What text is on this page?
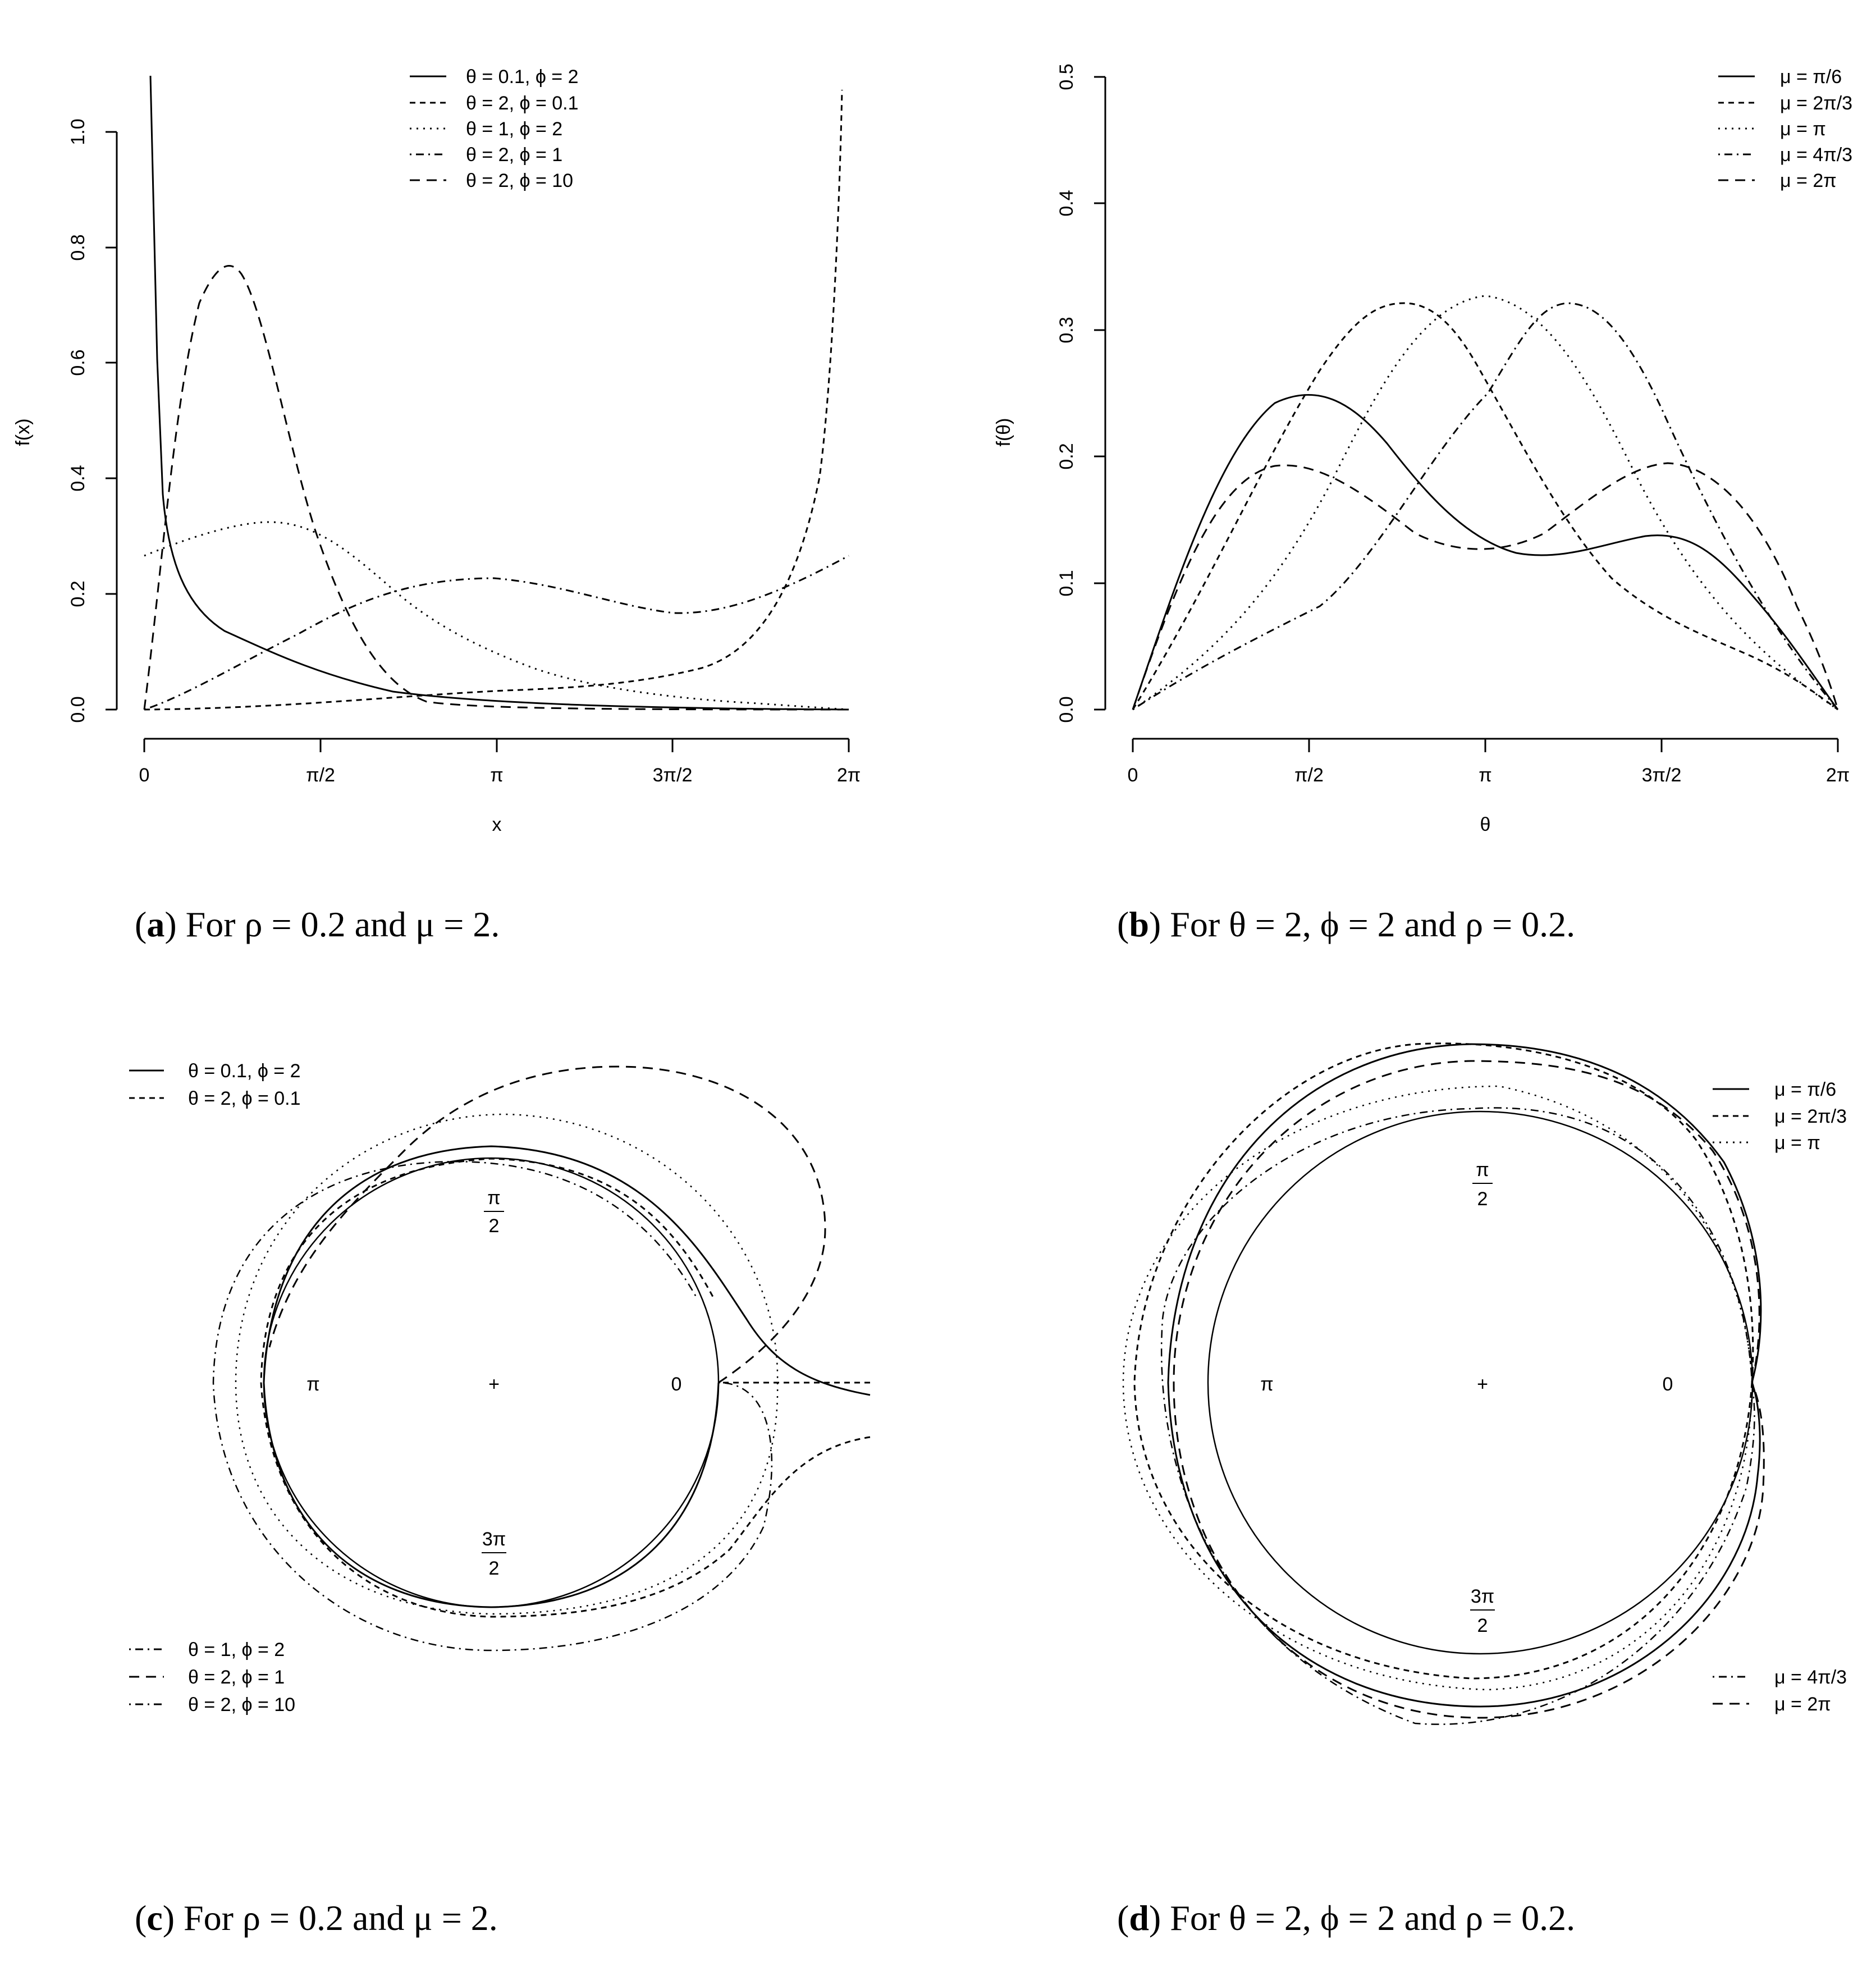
0.0
0.2
0.4
0.6
0.8
1.0
f(x)
0	π/2	π	3π/2	2π
x
θ = 0.1, ϕ = 2
θ = 2, ϕ = 0.1
θ = 1, ϕ = 2
θ = 2, ϕ = 1
θ = 2, ϕ = 10
0.0
0.1
0.2
0.3
0.4
0.5
f(θ)
0	π/2	π	3π/2	2π
θ
μ = π/6
μ = 2π/3
μ = π
μ = 4π/3
μ = 2π
(a) For ρ = 0.2 and μ = 2.	(b) For θ = 2, ϕ = 2 and ρ = 0.2.
0
π	+
π
2
3π
2
θ = 0.1, ϕ = 2
θ = 2, ϕ = 0.1
θ = 1, ϕ = 2
θ = 2, ϕ = 1
θ = 2, ϕ = 10
0
π	+
π
2
3π
2
μ = π/6
μ = 2π/3
μ = π
μ = 4π/3
μ = 2π
(c) For ρ = 0.2 and μ = 2.	(d) For θ = 2, ϕ = 2 and ρ = 0.2.
